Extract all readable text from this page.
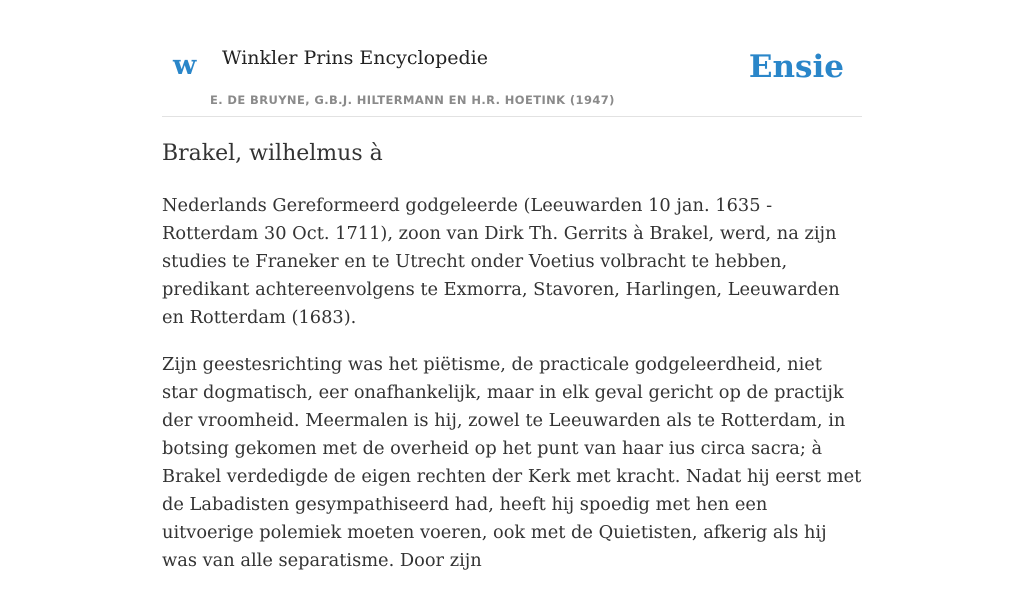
w Winkler Prins Encyclopedie
E. DE BRUYNE, G.B.J. HILTERMANN EN H.R. HOETINK (1947)
Ensie
Brakel, wilhelmus à

Nederlands Gereformeerd godgeleerde (Leeuwarden 10 jan. 1635 - Rotterdam 30 Oct. 1711), zoon van Dirk Th. Gerrits à Brakel, werd, na zijn studies te Franeker en te Utrecht onder Voetius volbracht te hebben, predikant achtereenvolgens te Exmorra, Stavoren, Harlingen, Leeuwarden en Rotterdam (1683).

Zijn geestesrichting was het piëtisme, de practicale godgeleerdheid, niet star dogmatisch, eer onafhankelijk, maar in elk geval gericht op de practijk der vroomheid. Meermalen is hij, zowel te Leeuwarden als te Rotterdam, in botsing gekomen met de overheid op het punt van haar ius circa sacra; à Brakel verdedigde de eigen rechten der Kerk met kracht. Nadat hij eerst met de Labadisten gesympathiseerd had, heeft hij spoedig met hen een uitvoerige polemiek moeten voeren, ook met de Quietisten, afkerig als hij was van alle separatisme. Door zijn
